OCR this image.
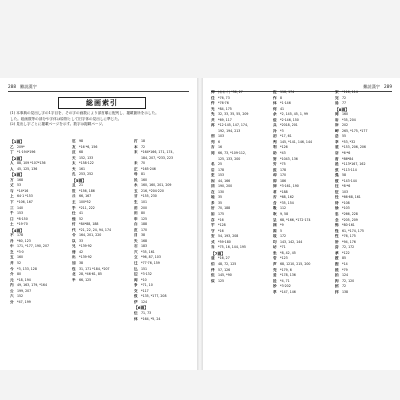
288 難読漢字
総画索引
(1) 本事典の見出し字の1字目を、その字の画数により部首順に配列し、掲載箇所を示した。
した。総画数等の部分や字体は原則として旧字体の見出しに準じた。
(2) 見出し字ごとに掲載ページを示す。数字は掲載ページ。
【1画】
乙 209*
丁 *1·194*196
【2画】
人 88, 109 *107*136
入 45, 125, 136
【3画】
万 168
丈 53
与 *14*16
上 64·1 *153
下 *106, 167
三 140
千 153
口 *8·150
土 *19·70
【4画】
不 178
丹 *60, 123
中 171, *177, 190, 207
乏 *3·0
五 160
井 52
今 *3, 133, 128
介 80
元 *18, 194
内 49, 163, 179, *164
公 199, 207
六 152
分 *47, 199
厄 98
友 *16 *6, 156
反 68
天 152, 133
太 *158·122
夫 161
孔 253, 252
【5画】
且 21
世 *156, 186
丘 66, 167
主 100*52
乎 *211, 222
仕 41
他 52
付 *84*88, 188
代 *21, 22, 24, 94, 174
令 164, 201, 220
以 33
兄 *139·92
冊 42
出 *139·92
加 38
包 31, 171 *184, *207
北 28, *46·61, 85
半 66, 125
打 18
本 72
末 *164*166, 171, 174,
184, 207, *233, 223
未 70
正 *165·246
母 81
民 160
永 160, 160, 201, 209
玉 216, *204·220
甘 *155, 230
生 101
用 200
田 80
申 125
白 188
皮 170
目 38
矢 168
石 183
穴 *35, 161
立 *96, 87, 103
辻 *77·76, 159
込 151
辺 *3·132
両 *10
争 *71, 10
交 *117
仮 *135, *177, 208
伊 124
【6画】
伝 71, 73
休 *164, *5, 24
289
難読漢字
仰 (おおぐ) *36, 27
任 *76, 73
件 *76·76
光 *84, 175
先 32, 33, 35, 55, 209
共 *69, 117
再 *12·145, 147, 174,
192, 194, 213
刑 103
列 6
吉 16
同 66, 73, *109·112,
125, 133, 200
名 25
后 178
吏 153
因 44, 166
団 190, 200
在 130
地 35
多 35
好 70, 188
如 175
存 *16
宇 *128
守 *16
安 54, 193, 208
式 *59·180
当 *75, 16, 144, 195
【7画】
亜 *16, 27
伯 48, 72, 125
伴 57, 126
但 145, *90
似 125
佐 116, 174
作 8
体 *1·146
何 41
余 *2, 145, 45, 1, 99
佞 *2·146, 150
兵 *2018, 201
冷 *3
初 *17, 61
判 145, *141, 146, 144
利 *126
助 *43
努 *1043, 136
労 *75
医 178
却 170
即 186
卵 *3·161, 190
君 *188
否 *68, 162
含 *35, 154
吸 112
吹 9, 58
呈 68, *166, *172·174
囲 *9
図 5
坂 172
均 143, 142, 144
坊 *71
坐 *8, 42, 45
壱 *123
声 68, 1210, 215, 200
売 *179, 6
妥 *178, 136
妊 *4, 71
妙 *3·202
孝 *147, 146
宋 *116, 114
完 72
局 77
【8画】
岡 160
岩 *35, 204
岸 202
岬 265, *175, *177
岳 55
幸 *53, *32
底 *153, 206, 206
店 *6·*6
府 *86*84
延 *113*167, 162
弦 *113·114
弧 58
彼 *143·144
往 *8·*6
征 103
径 *66·68, 161
待 *108
徐 *103
忠 *266, 228
念 *205, 209
怖 *80·161
怪 61, *174, 175
性 *76, 175
所 *94, 176
房 72, 172
承 *122
披 85
抱 *14
抵 *79
拍 124
拘 72, 120
招 72
拝 138
